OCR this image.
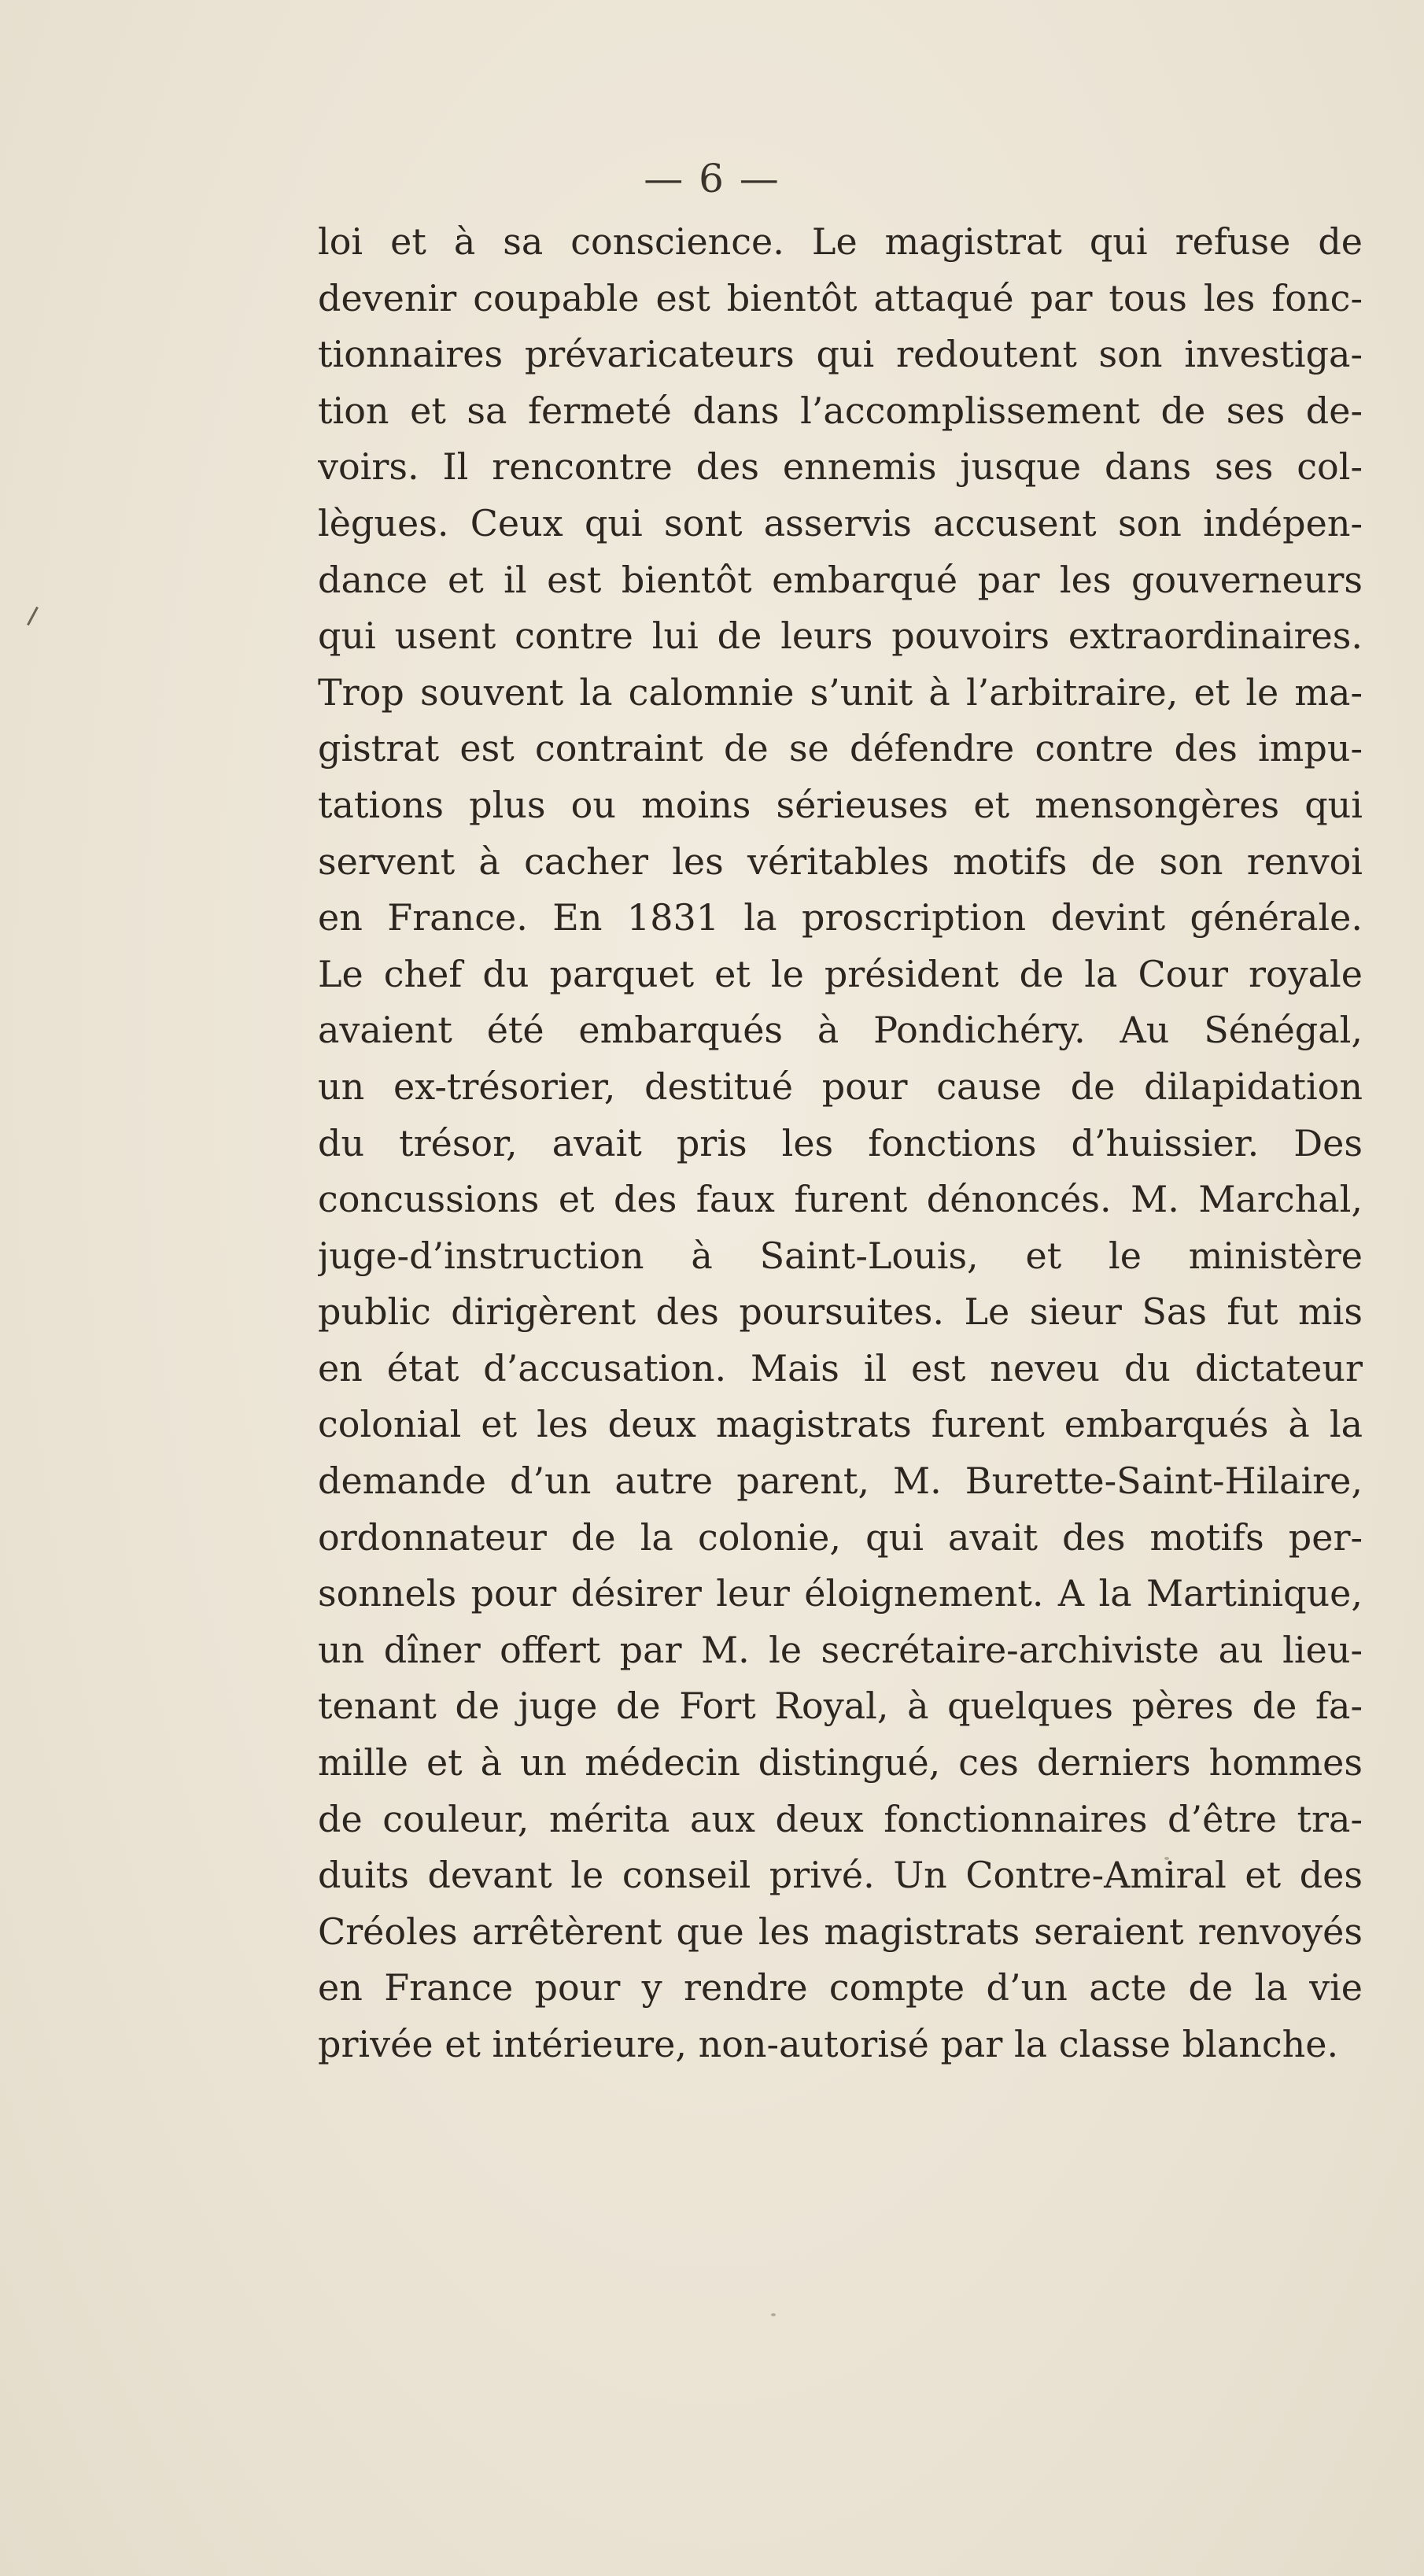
— 6 —
loi et à sa conscience. Le magistrat qui refuse de
devenir coupable est bientôt attaqué par tous les fonc-
tionnaires prévaricateurs qui redoutent son investiga-
tion et sa fermeté dans l’accomplissement de ses de-
voirs. Il rencontre des ennemis jusque dans ses col-
lègues. Ceux qui sont asservis accusent son indépen-
dance et il est bientôt embarqué par les gouverneurs
qui usent contre lui de leurs pouvoirs extraordinaires.
Trop souvent la calomnie s’unit à l’arbitraire, et le ma-
gistrat est contraint de se défendre contre des impu-
tations plus ou moins sérieuses et mensongères qui
servent à cacher les véritables motifs de son renvoi
en France. En 1831 la proscription devint générale.
Le chef du parquet et le président de la Cour royale
avaient été embarqués à Pondichéry. Au Sénégal,
un ex-trésorier, destitué pour cause de dilapidation
du trésor, avait pris les fonctions d’huissier. Des
concussions et des faux furent dénoncés. M. Marchal,
juge-d’instruction à Saint-Louis, et le ministère
public dirigèrent des poursuites. Le sieur Sas fut mis
en état d’accusation. Mais il est neveu du dictateur
colonial et les deux magistrats furent embarqués à la
demande d’un autre parent, M. Burette-Saint-Hilaire,
ordonnateur de la colonie, qui avait des motifs per-
sonnels pour désirer leur éloignement. A la Martinique,
un dîner offert par M. le secrétaire-archiviste au lieu-
tenant de juge de Fort Royal, à quelques pères de fa-
mille et à un médecin distingué, ces derniers hommes
de couleur, mérita aux deux fonctionnaires d’être tra-
duits devant le conseil privé. Un Contre-Amiral et des
Créoles arrêtèrent que les magistrats seraient renvoyés
en France pour y rendre compte d’un acte de la vie
privée et intérieure, non-autorisé par la classe blanche.
